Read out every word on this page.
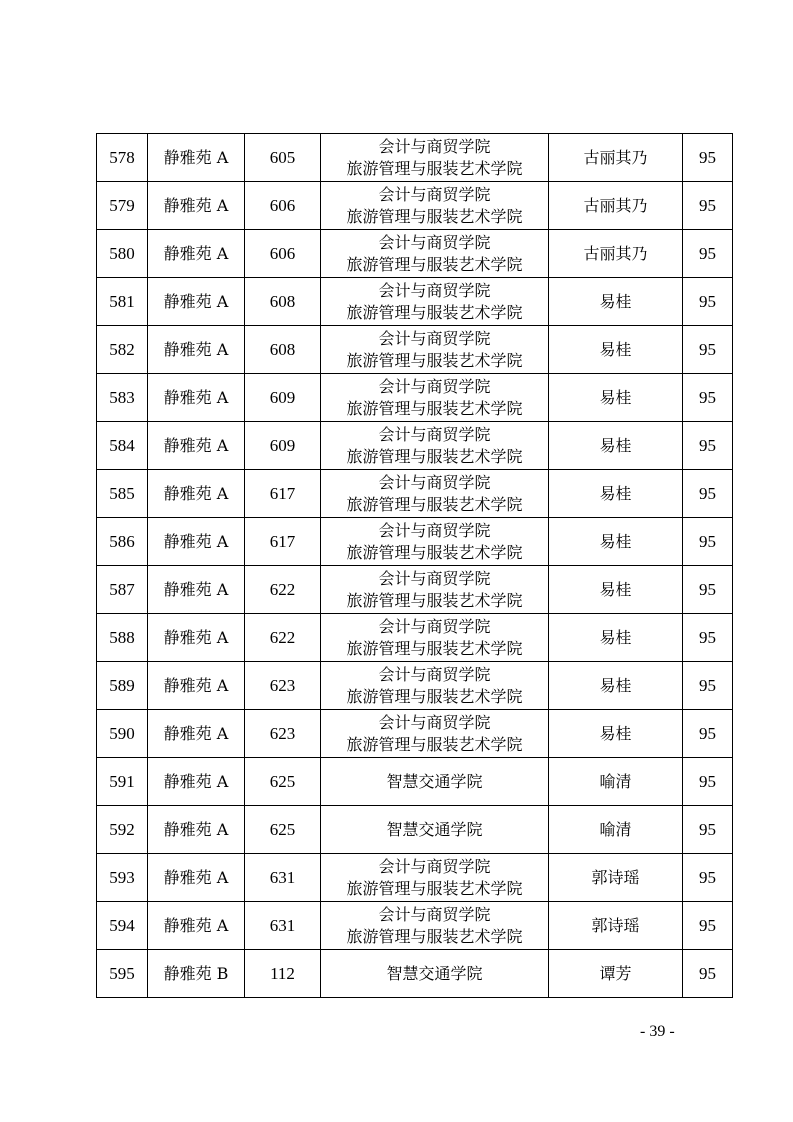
578	静雅苑 A	605	会计与商贸学院
旅游管理与服装艺术学院	古丽其乃	95
579	静雅苑 A	606	会计与商贸学院
旅游管理与服装艺术学院	古丽其乃	95
580	静雅苑 A	606	会计与商贸学院
旅游管理与服装艺术学院	古丽其乃	95
581	静雅苑 A	608	会计与商贸学院
旅游管理与服装艺术学院	易桂	95
582	静雅苑 A	608	会计与商贸学院
旅游管理与服装艺术学院	易桂	95
583	静雅苑 A	609	会计与商贸学院
旅游管理与服装艺术学院	易桂	95
584	静雅苑 A	609	会计与商贸学院
旅游管理与服装艺术学院	易桂	95
585	静雅苑 A	617	会计与商贸学院
旅游管理与服装艺术学院	易桂	95
586	静雅苑 A	617	会计与商贸学院
旅游管理与服装艺术学院	易桂	95
587	静雅苑 A	622	会计与商贸学院
旅游管理与服装艺术学院	易桂	95
588	静雅苑 A	622	会计与商贸学院
旅游管理与服装艺术学院	易桂	95
589	静雅苑 A	623	会计与商贸学院
旅游管理与服装艺术学院	易桂	95
590	静雅苑 A	623	会计与商贸学院
旅游管理与服装艺术学院	易桂	95
591	静雅苑 A	625	智慧交通学院	喻清	95
592	静雅苑 A	625	智慧交通学院	喻清	95
593	静雅苑 A	631	会计与商贸学院
旅游管理与服装艺术学院	郭诗瑶	95
594	静雅苑 A	631	会计与商贸学院
旅游管理与服装艺术学院	郭诗瑶	95
595	静雅苑 B	112	智慧交通学院	谭芳	95
- 39 -
